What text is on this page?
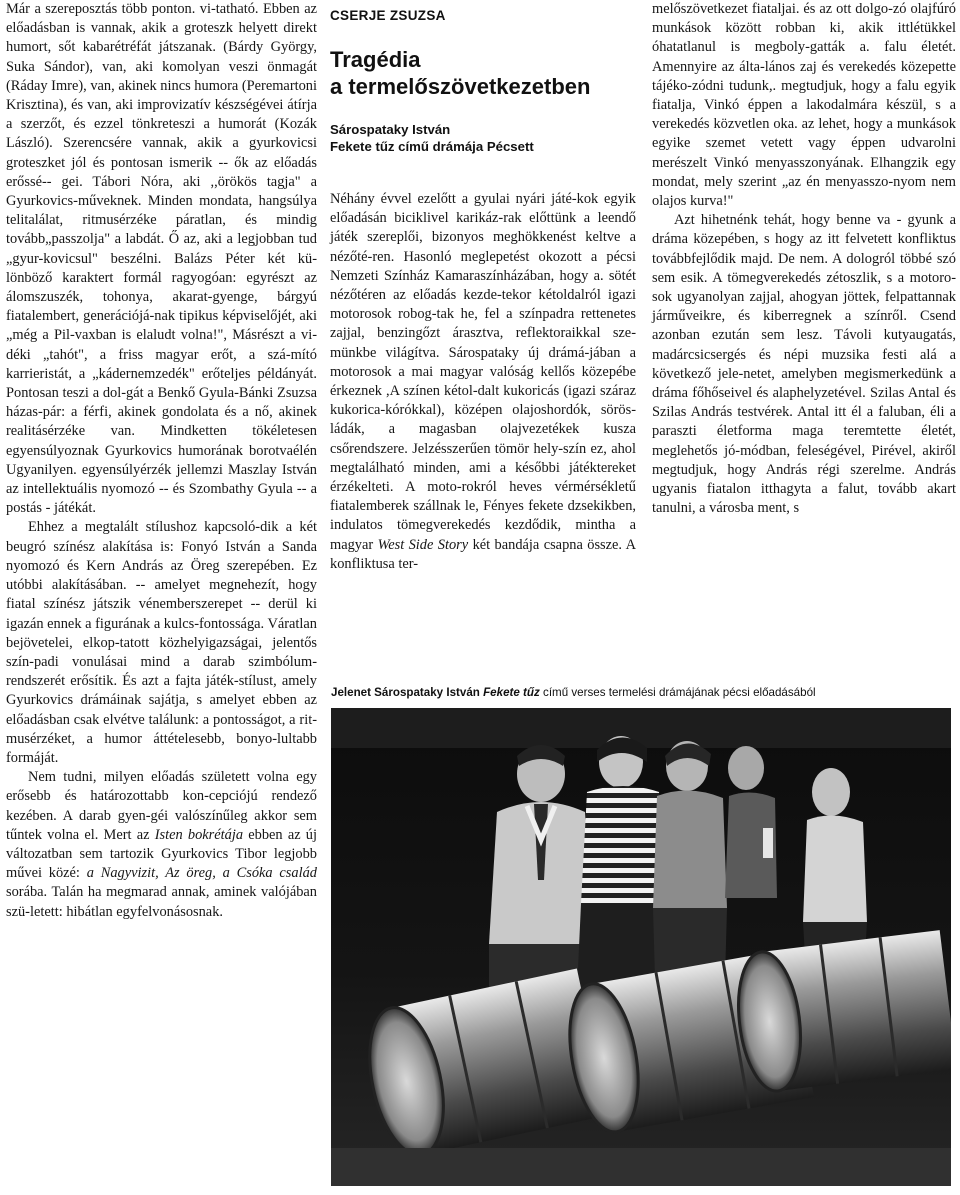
Már a szereposztás több ponton. vi-tatható. Ebben az előadásban is vannak, akik a groteszk helyett direkt humort, sőt kabarétréfát játszanak. (Bárdy György, Suka Sándor), van, aki komolyan veszi önmagát (Ráday Imre), van, akinek nincs humora (Peremartoni Krisztina), és van, aki improvizatív készségévei átírja a szerzőt, és ezzel tönkreteszi a humorát (Kozák László). Szerencsére vannak, akik a gyurkovicsi groteszket jól és pontosan ismerik -- ők az előadás erőssé-- gei. Tábori Nóra, aki ,,örökös tagja" a Gyurkovics-műveknek. Minden mondata, hangsúlya telitalálat, ritmusérzéke páratlan, és mindig tovább„passzolja" a labdát. Ő az, aki a legjobban tud „gyur-kovicsul" beszélni. Balázs Péter két kü-lönböző karaktert formál ragyogóan: egyrészt az álomszuszék, tohonya, akarat-gyenge, bárgyú fiatalembert, generációjá-nak tipikus képviselőjét, aki „még a Pil-vaxban is elaludt volna!", Másrészt a vi-déki „tahót", a friss magyar erőt, a szá-mító karrieristát, a „kádernemzedék" erőteljes példányát. Pontosan teszi a dol-gát a Benkő Gyula-Bánki Zsuzsa házas-pár: a férfi, akinek gondolata és a nő, akinek realitásérzéke van. Mindketten tökéletesen egyensúlyoznak Gyurkovics humorának borotvaélén Ugyanilyen. egyensúlyérzék jellemzi Maszlay István az intellektuális nyomozó -- és Szombathy Gyula -- a postás - játékát.

Ehhez a megtalált stílushoz kapcsoló-dik a két beugró színész alakítása is: Fonyó István a Sanda nyomozó és Kern András az Öreg szerepében. Ez utóbbi alakításában. -- amelyet megnehezít, hogy fiatal színész játszik vénemberszerepet -- derül ki igazán ennek a figurának a kulcs-fontossága. Váratlan bejövetelei, elkop-tatott közhelyigazságai, jelentős szín-padi vonulásai mind a darab szimbólum-rendszerét erősítik. És azt a fajta játék-stílust, amely Gyurkovics drámáinak sajátja, s amelyet ebben az előadásban csak elvétve találunk: a pontosságot, a rit-musérzéket, a humor áttételesebb, bonyo-lultabb formáját.

Nem tudni, milyen előadás született volna egy erősebb és határozottabb kon-cepciójú rendező kezében. A darab gyen-géi valószínűleg akkor sem tűntek volna el. Mert az Isten bokrétája ebben az új változatban sem tartozik Gyurkovics Tibor legjobb művei közé: a Nagyvizit, Az öreg, a Csóka család sorába. Talán ha megmarad annak, aminek valójában szü-letett: hibátlan egyfelvonásosnak.

CSERJE ZSUZSA
Tragédia
a termelőszövetkezetben
Sárospataky István
Fekete tűz című drámája Pécsett

Néhány évvel ezelőtt a gyulai nyári játé-kok egyik előadásán biciklivel karikáz-rak előttünk a leendő játék szereplői, bizonyos meghökkenést keltve a nézőté-ren. Hasonló meglepetést okozott a pécsi Nemzeti Színház Kamaraszínházában, hogy a. sötét nézőtéren az előadás kezde-tekor kétoldalról igazi motorosok robog-tak he, fel a színpadra rettenetes zajjal, benzingőzt árasztva, reflektoraikkal sze-münkbe világítva. Sárospataky új drámá-jában a motorosok a mai magyar valóság kellős közepébe érkeznek ,A színen kétol-dalt kukoricás (igazi száraz kukorica-kórókkal), középen olajoshordók, sörös-ládák, a magasban olajvezetékek kusza csőrendszere. Jelzésszerűen tömör hely-szín ez, ahol megtalálható minden, ami a későbbi játéktereket érzékelteti. A moto-rokról heves vérmérsékletű fiatalemberek szállnak le, Fényes fekete dzsekikben, indulatos tömegverekedés kezdődik, mintha a magyar West Side Story két bandája csapna össze. A konfliktusa ter-

melőszövetkezet fiataljai. és az ott dolgo-zó olajfúró munkások között robban ki, akik ittlétükkel óhatatlanul is megboly-gatták a. falu életét. Amennyire az álta-lános zaj és verekedés közepette tájéko-zódni tudunk,. megtudjuk, hogy a falu egyik fiatalja, Vinkó éppen a lakodalmára készül, s a verekedés közvetlen oka. az lehet, hogy a munkások egyike szemet vetett vagy éppen udvarolni merészelt Vinkó menyasszonyának. Elhangzik egy mondat, mely szerint „az én menyasszo-nyom nem olajos kurva!"

Azt hihetnénk tehát, hogy benne va - gyunk a dráma közepében, s hogy az itt felvetett konfliktus továbbfejlődik majd. De nem. A dologról többé szó sem esik. A tömegverekedés zétoszlik, s a motoro-sok ugyanolyan zajjal, ahogyan jöttek, felpattannak járműveikre, és kiberregnek a színről. Csend azonban ezután sem lesz. Távoli kutyaugatás, madárcsicsergés és népi muzsika festi alá a következő jele-netet, amelyben megismerkedünk a dráma főhőseivel és alaphelyzetével. Szilas Antal és Szilas András testvérek. Antal itt él a faluban, éli a paraszti életforma maga teremtette életét, meglehetős jó-módban, feleségével, Pirével, akiről megtudjuk, hogy András régi szerelme. András ugyanis fiatalon itthagyta a falut, tovább akart tanulni, a városba ment, s

Jelenet Sárospataky István Fekete tűz című verses termelési drámájának pécsi előadásából
